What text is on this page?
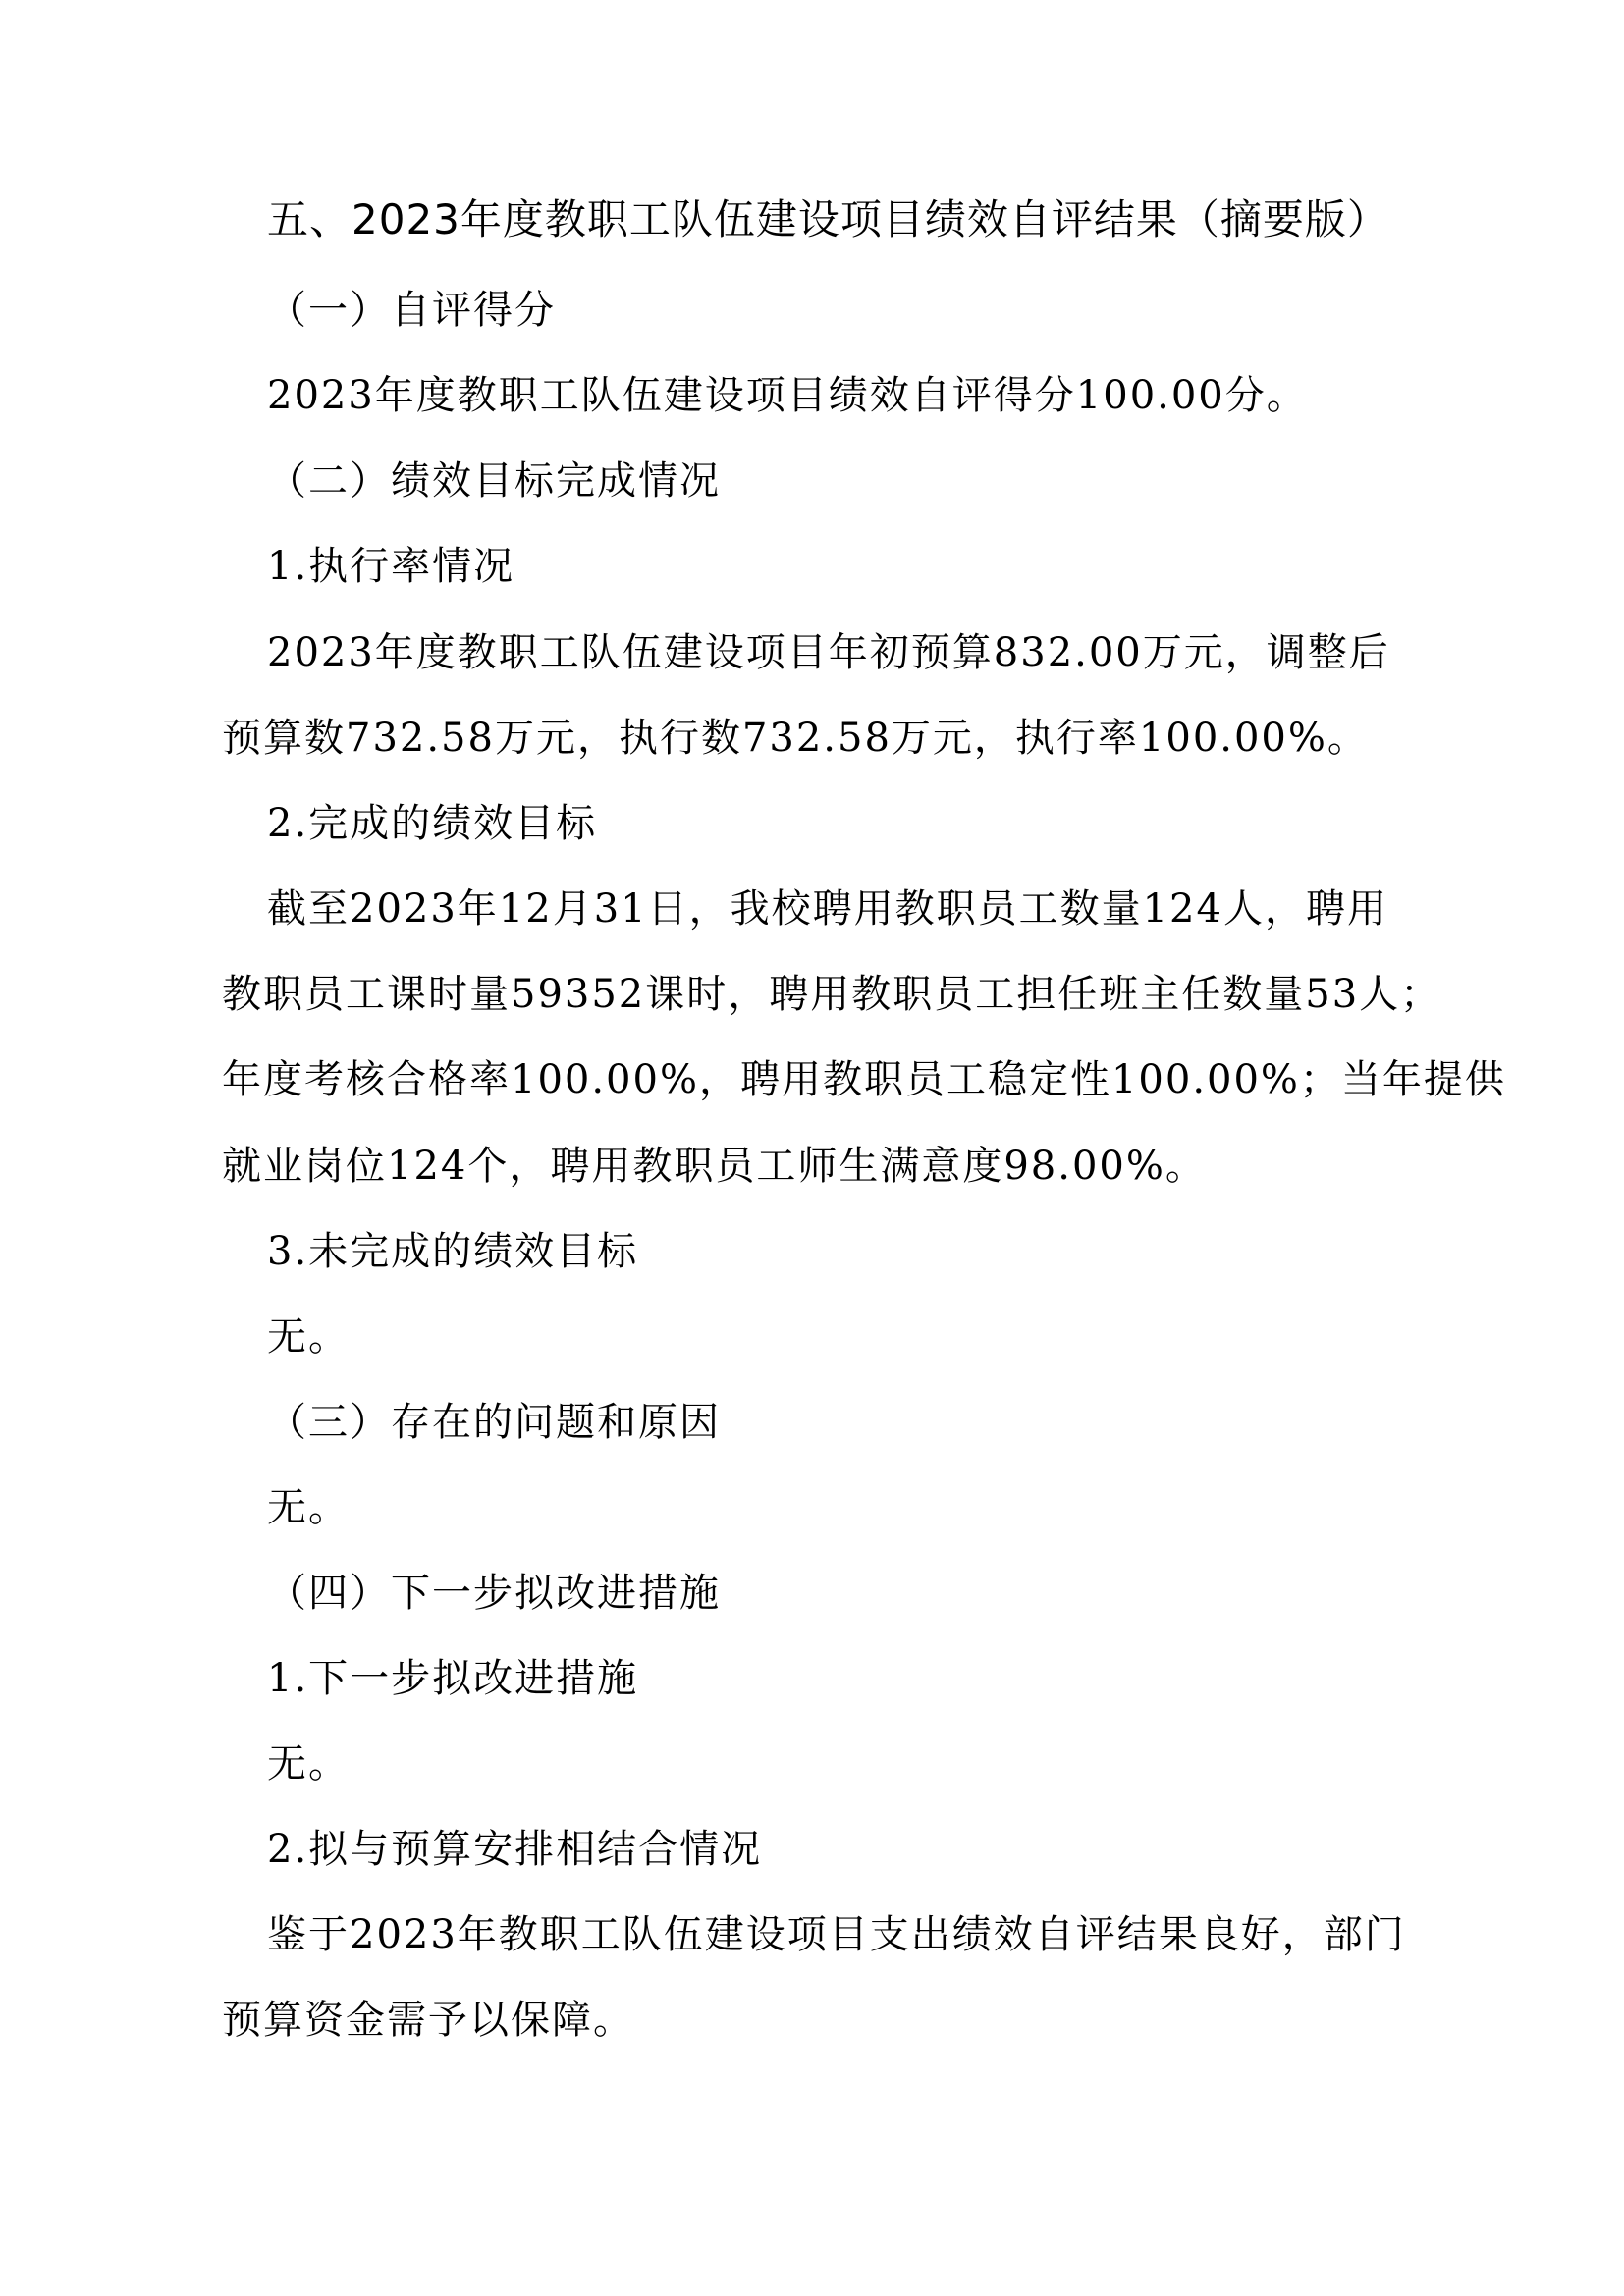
五、2023年度教职工队伍建设项目绩效自评结果（摘要版）
（一）自评得分
2023年度教职工队伍建设项目绩效自评得分100.00分。
（二）绩效目标完成情况
1.执行率情况
2023年度教职工队伍建设项目年初预算832.00万元，调整后
预算数732.58万元，执行数732.58万元，执行率100.00%。
2.完成的绩效目标
截至2023年12月31日，我校聘用教职员工数量124人，聘用
教职员工课时量59352课时，聘用教职员工担任班主任数量53人；
年度考核合格率100.00%，聘用教职员工稳定性100.00%；当年提供
就业岗位124个，聘用教职员工师生满意度98.00%。
3.未完成的绩效目标
无。
（三）存在的问题和原因
无。
（四）下一步拟改进措施
1.下一步拟改进措施
无。
2.拟与预算安排相结合情况
鉴于2023年教职工队伍建设项目支出绩效自评结果良好，部门
预算资金需予以保障。
